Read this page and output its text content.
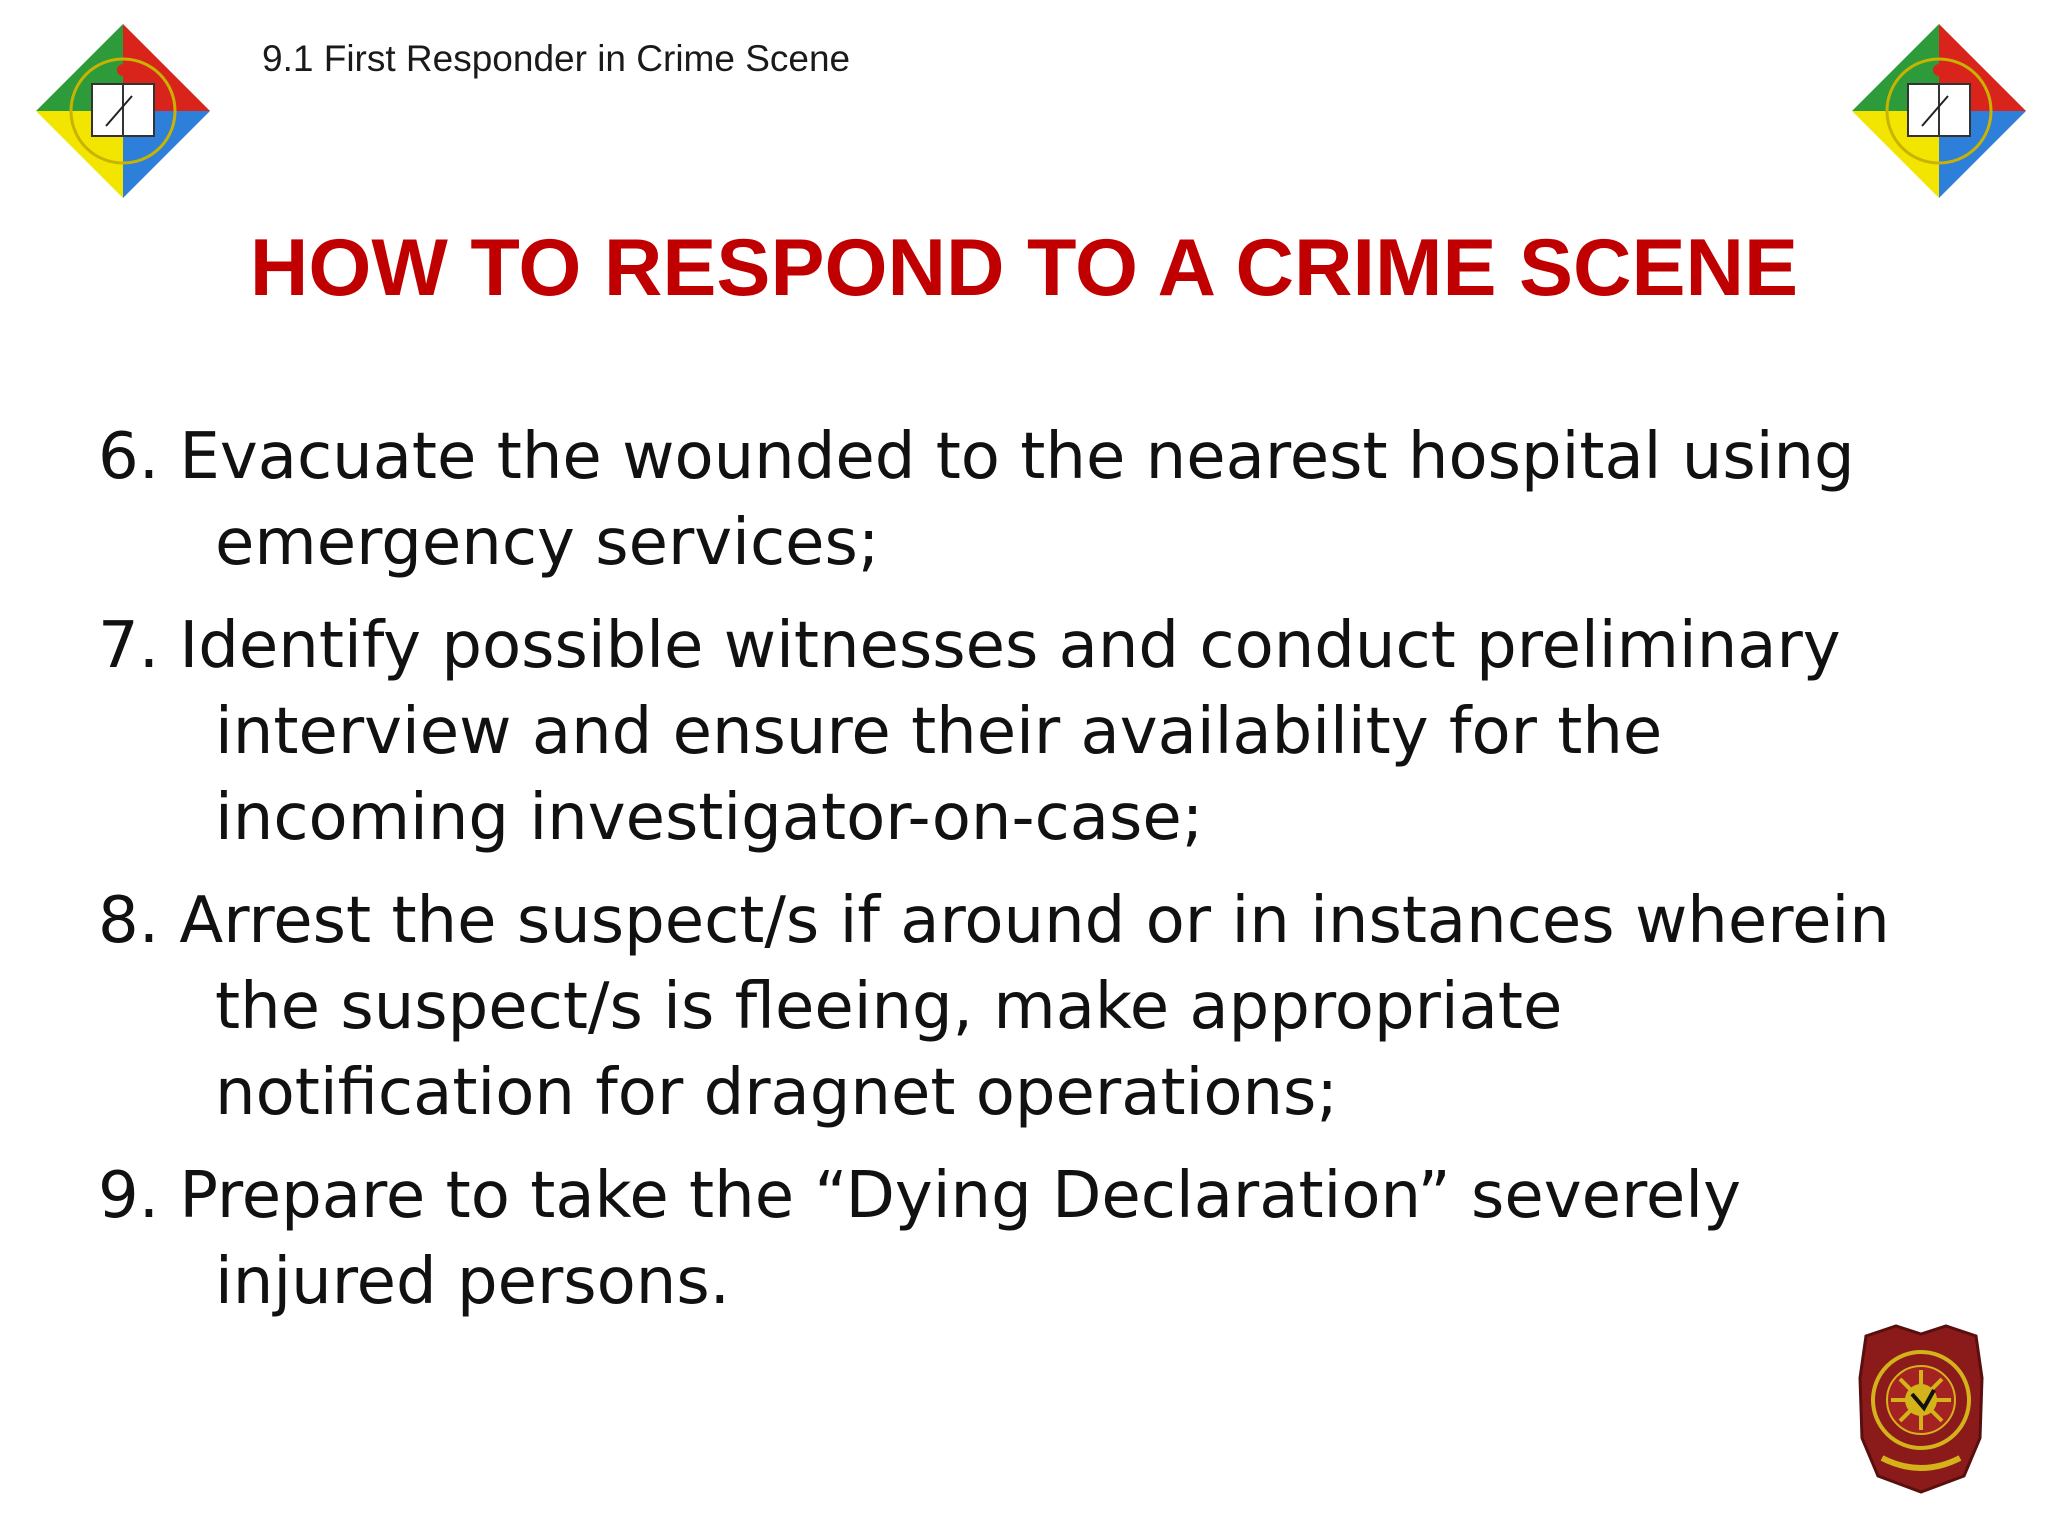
9.1 First Responder in Crime Scene
HOW TO RESPOND TO A CRIME SCENE
6. Evacuate the wounded to the nearest hospital using emergency services;
7. Identify possible witnesses and conduct preliminary interview and ensure their availability for the incoming investigator-on-case;
8. Arrest the suspect/s if around or in instances wherein the suspect/s is fleeing, make appropriate notification for dragnet operations;
9. Prepare to take the “Dying Declaration” severely injured persons.
